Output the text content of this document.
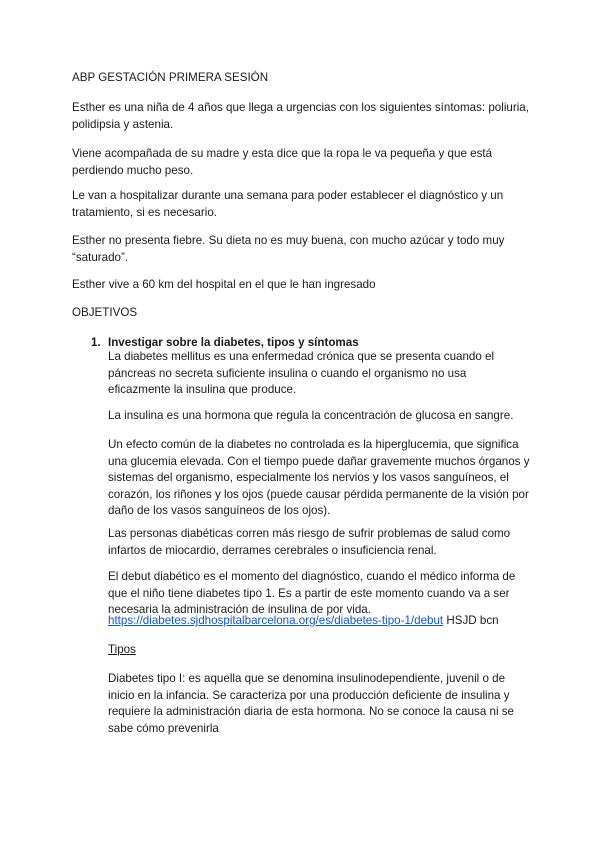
ABP GESTACIÓN PRIMERA SESIÓN

Esther es una niña de 4 años que llega a urgencias con los siguientes síntomas: poliuria, polidipsia y astenia.

Viene acompañada de su madre y esta dice que la ropa le va pequeña y que está perdiendo mucho peso.

Le van a hospitalizar durante una semana para poder establecer el diagnóstico y un tratamiento, si es necesario.

Esther no presenta fiebre. Su dieta no es muy buena, con mucho azúcar y todo muy “saturado”.

Esther vive a 60 km del hospital en el que le han ingresado

OBJETIVOS

1. Investigar sobre la diabetes, tipos y síntomas

La diabetes mellitus es una enfermedad crónica que se presenta cuando el páncreas no secreta suficiente insulina o cuando el organismo no usa eficazmente la insulina que produce.

La insulina es una hormona que regula la concentración de glucosa en sangre.

Un efecto común de la diabetes no controlada es la hiperglucemia, que significa una glucemia elevada. Con el tiempo puede dañar gravemente muchos órganos y sistemas del organismo, especialmente los nervios y los vasos sanguíneos, el corazón, los riñones y los ojos (puede causar pérdida permanente de la visión por daño de los vasos sanguíneos de los ojos).

Las personas diabéticas corren más riesgo de sufrir problemas de salud como infartos de miocardio, derrames cerebrales o insuficiencia renal.

El debut diabético es el momento del diagnóstico, cuando el médico informa de que el niño tiene diabetes tipo 1. Es a partir de este momento cuando va a ser necesaria la administración de insulina de por vida.

https://diabetes.sjdhospitalbarcelona.org/es/diabetes-tipo-1/debut HSJD bcn

Tipos

Diabetes tipo I: es aquella que se denomina insulinodependiente, juvenil o de inicio en la infancia. Se caracteriza por una producción deficiente de insulina y requiere la administración diaria de esta hormona. No se conoce la causa ni se sabe cómo prevenirla
